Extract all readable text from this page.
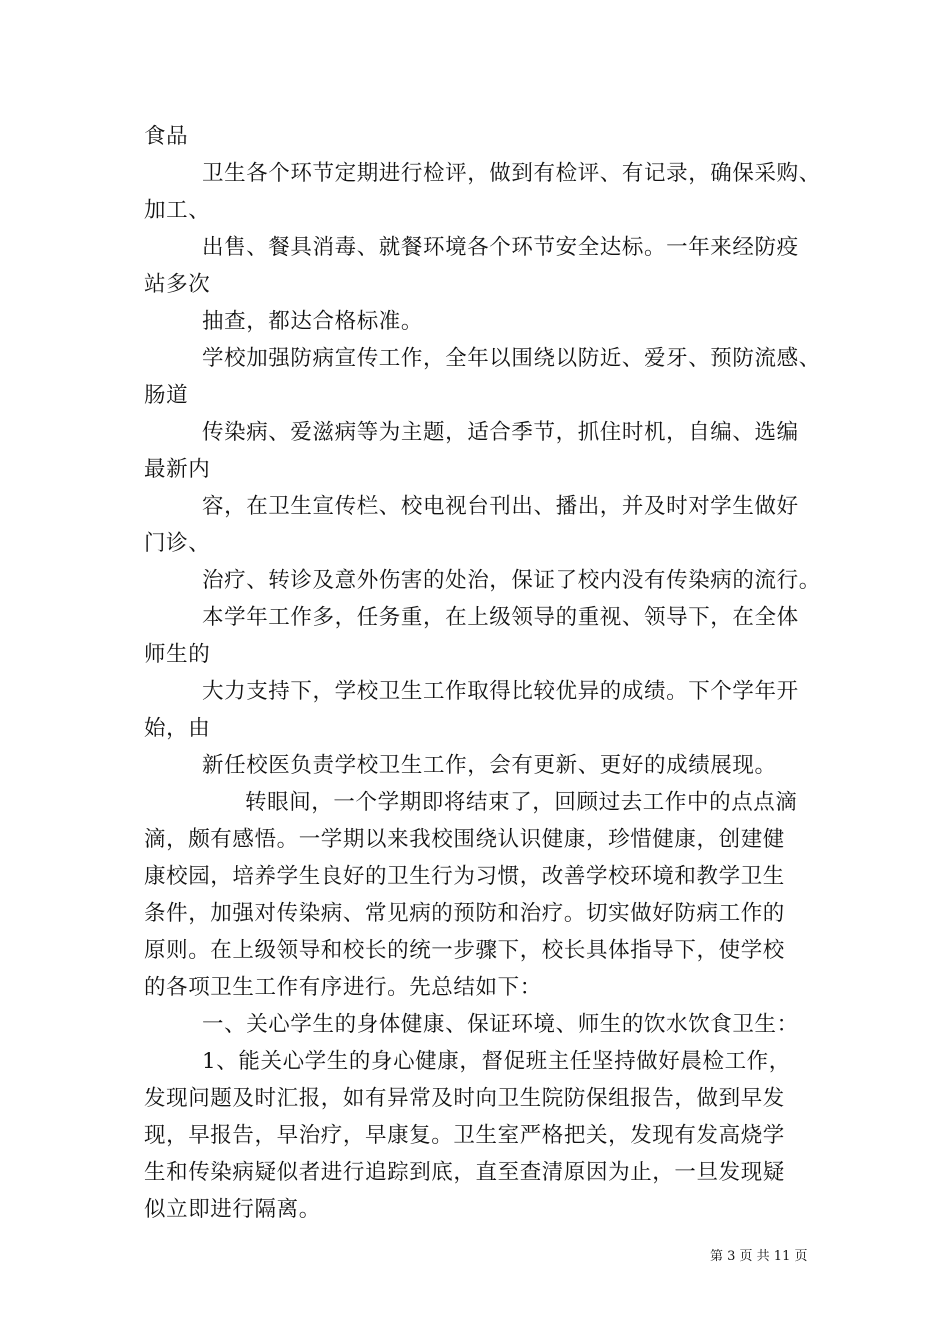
食品
卫生各个环节定期进行检评，做到有检评、有记录，确保采购、
加工、
出售、餐具消毒、就餐环境各个环节安全达标。一年来经防疫
站多次
抽查，都达合格标准。
学校加强防病宣传工作，全年以围绕以防近、爱牙、预防流感、
肠道
传染病、爱滋病等为主题，适合季节，抓住时机，自编、选编
最新内
容，在卫生宣传栏、校电视台刊出、播出，并及时对学生做好
门诊、
治疗、转诊及意外伤害的处治，保证了校内没有传染病的流行。
本学年工作多，任务重，在上级领导的重视、领导下，在全体
师生的
大力支持下，学校卫生工作取得比较优异的成绩。下个学年开
始，由
新任校医负责学校卫生工作，会有更新、更好的成绩展现。
转眼间，一个学期即将结束了，回顾过去工作中的点点滴
滴，颇有感悟。一学期以来我校围绕认识健康，珍惜健康，创建健
康校园，培养学生良好的卫生行为习惯，改善学校环境和教学卫生
条件，加强对传染病、常见病的预防和治疗。切实做好防病工作的
原则。在上级领导和校长的统一步骤下，校长具体指导下，使学校
的各项卫生工作有序进行。先总结如下：
一、关心学生的身体健康、保证环境、师生的饮水饮食卫生：
1、能关心学生的身心健康，督促班主任坚持做好晨检工作，
发现问题及时汇报，如有异常及时向卫生院防保组报告，做到早发
现，早报告，早治疗，早康复。卫生室严格把关，发现有发高烧学
生和传染病疑似者进行追踪到底，直至查清原因为止，一旦发现疑
似立即进行隔离。
第 3 页 共 11 页
